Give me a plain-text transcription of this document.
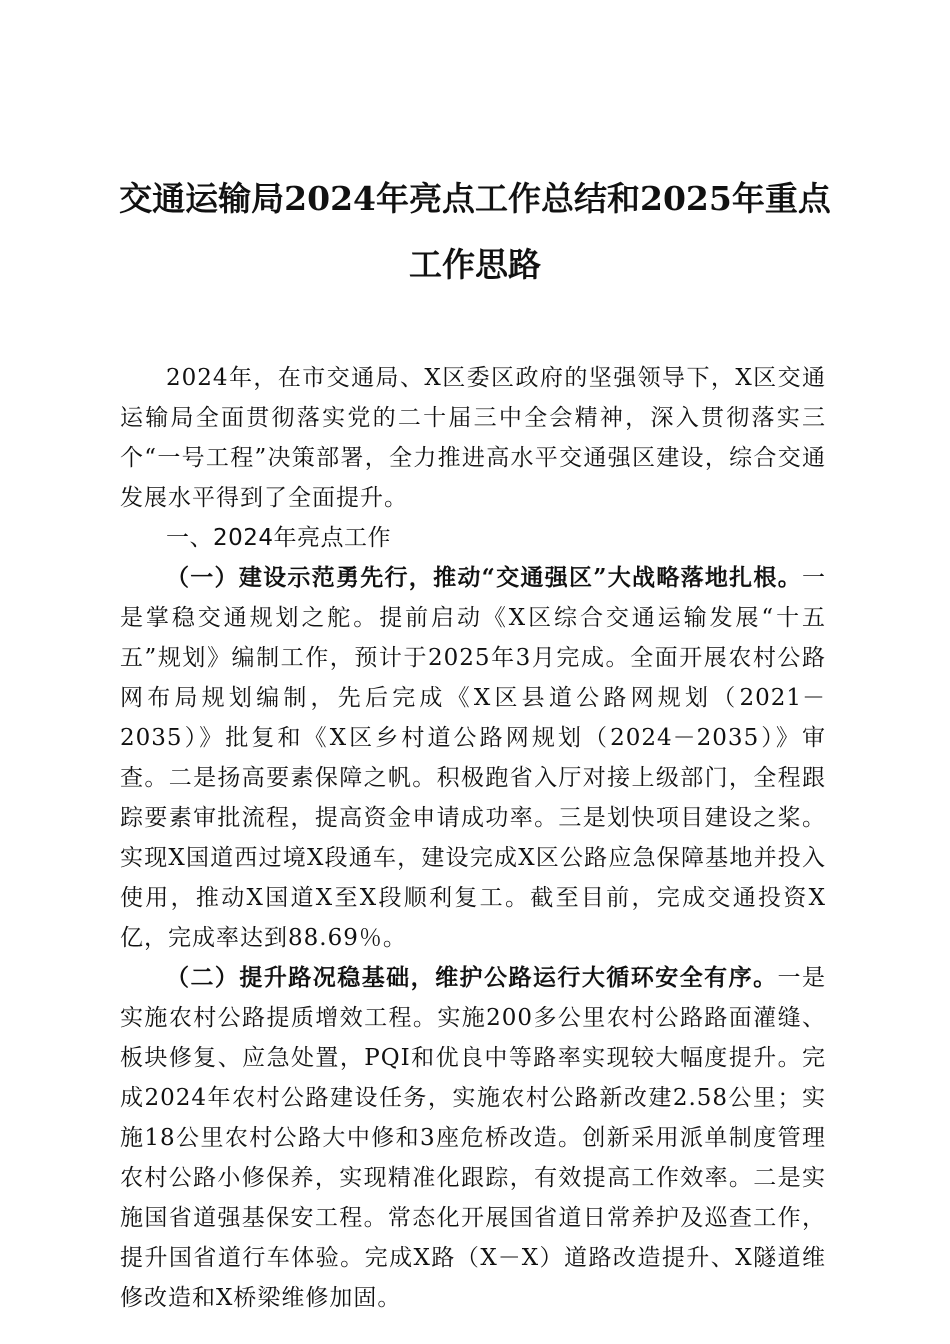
交通运输局2024年亮点工作总结和2025年重点工作思路

2024年，在市交通局、X区委区政府的坚强领导下，X区交通运输局全面贯彻落实党的二十届三中全会精神，深入贯彻落实三个“一号工程”决策部署，全力推进高水平交通强区建设，综合交通发展水平得到了全面提升。

一、2024年亮点工作

（一）建设示范勇先行，推动“交通强区”大战略落地扎根。一是掌稳交通规划之舵。提前启动《X区综合交通运输发展“十五五”规划》编制工作，预计于2025年3月完成。全面开展农村公路网布局规划编制，先后完成《X区县道公路网规划（2021－2035）》批复和《X区乡村道公路网规划（2024－2035）》审查。二是扬高要素保障之帆。积极跑省入厅对接上级部门，全程跟踪要素审批流程，提高资金申请成功率。三是划快项目建设之桨。实现X国道西过境X段通车，建设完成X区公路应急保障基地并投入使用，推动X国道X至X段顺利复工。截至目前，完成交通投资X亿，完成率达到88.69％。

（二）提升路况稳基础，维护公路运行大循环安全有序。一是实施农村公路提质增效工程。实施200多公里农村公路路面灌缝、板块修复、应急处置，PQI和优良中等路率实现较大幅度提升。完成2024年农村公路建设任务，实施农村公路新改建2.58公里；实施18公里农村公路大中修和3座危桥改造。创新采用派单制度管理农村公路小修保养，实现精准化跟踪，有效提高工作效率。二是实施国省道强基保安工程。常态化开展国省道日常养护及巡查工作，提升国省道行车体验。完成X路（X－X）道路改造提升、X隧道维修改造和X桥梁维修加固。
